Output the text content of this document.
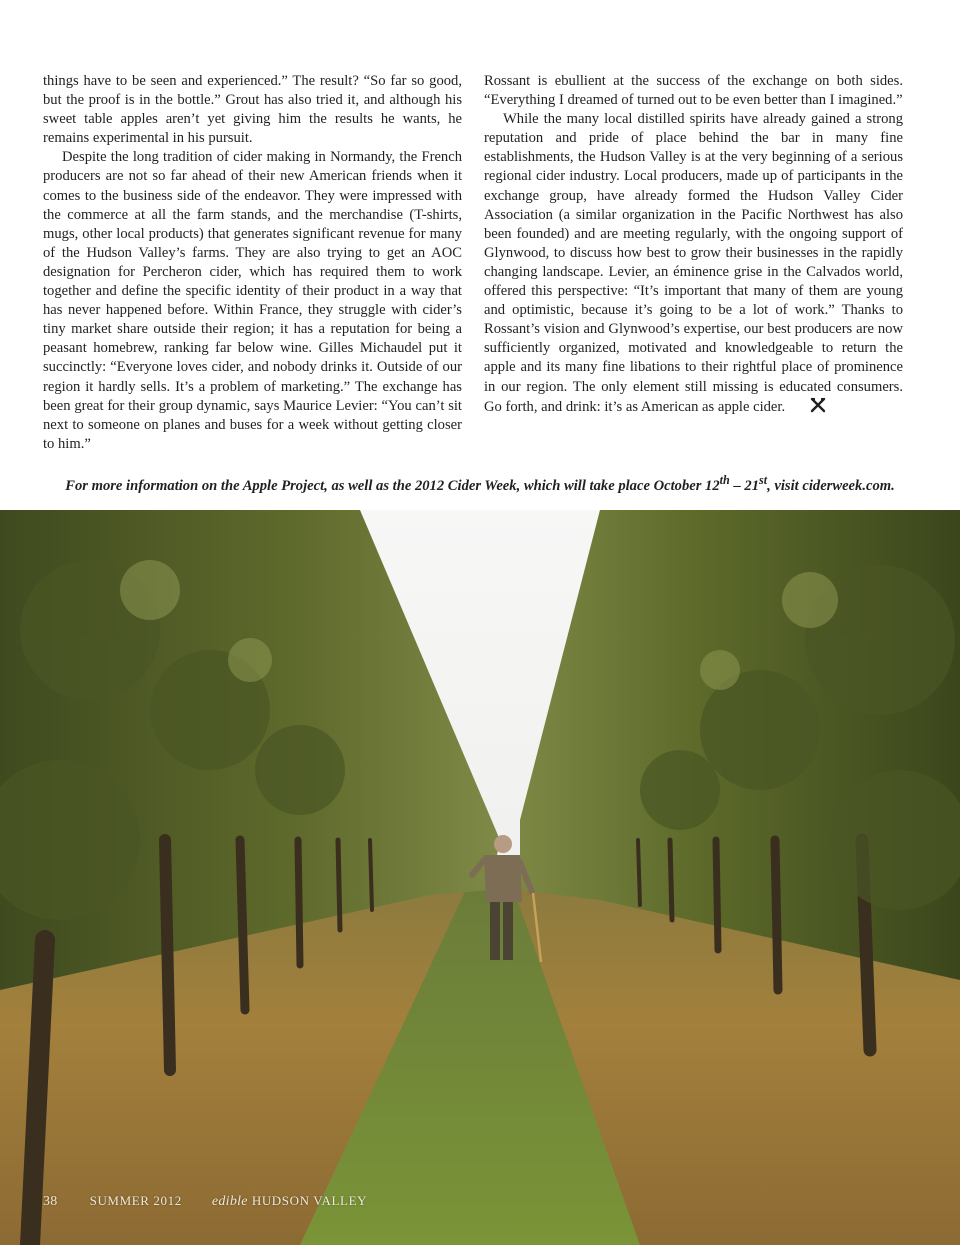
things have to be seen and experienced.” The result? “So far so good, but the proof is in the bottle.” Grout has also tried it, and although his sweet table apples aren’t yet giving him the results he wants, he remains experimental in his pursuit.

Despite the long tradition of cider making in Normandy, the French producers are not so far ahead of their new American friends when it comes to the business side of the endeavor. They were impressed with the commerce at all the farm stands, and the merchandise (T-shirts, mugs, other local products) that generates significant revenue for many of the Hudson Valley’s farms. They are also trying to get an AOC designation for Percheron cider, which has required them to work together and define the specific identity of their product in a way that has never happened before. Within France, they struggle with cider’s tiny market share outside their region; it has a reputation for being a peasant homebrew, ranking far below wine. Gilles Michaudel put it succinctly: “Everyone loves cider, and nobody drinks it. Outside of our region it hardly sells. It’s a problem of marketing.” The exchange has been great for their group dynamic, says Maurice Levier: “You can’t sit next to someone on planes and buses for a week without getting closer to him.”

Rossant is ebullient at the success of the exchange on both sides. “Everything I dreamed of turned out to be even better than I imagined.”

While the many local distilled spirits have already gained a strong reputation and pride of place behind the bar in many fine establishments, the Hudson Valley is at the very beginning of a serious regional cider industry. Local producers, made up of participants in the exchange group, have already formed the Hudson Valley Cider Association (a similar organization in the Pacific Northwest has also been founded) and are meeting regularly, with the ongoing support of Glynwood, to discuss how best to grow their businesses in the rapidly changing landscape. Levier, an éminence grise in the Calvados world, offered this perspective: “It’s important that many of them are young and optimistic, because it’s going to be a lot of work.” Thanks to Rossant’s vision and Glynwood’s expertise, our best producers are now sufficiently organized, motivated and knowledgeable to return the apple and its many fine libations to their rightful place of prominence in our region. The only element still missing is educated consumers. Go forth, and drink: it’s as American as apple cider.

For more information on the Apple Project, as well as the 2012 Cider Week, which will take place October 12th – 21st, visit ciderweek.com.
38 SUMMER 2012 edible HUDSON VALLEY
